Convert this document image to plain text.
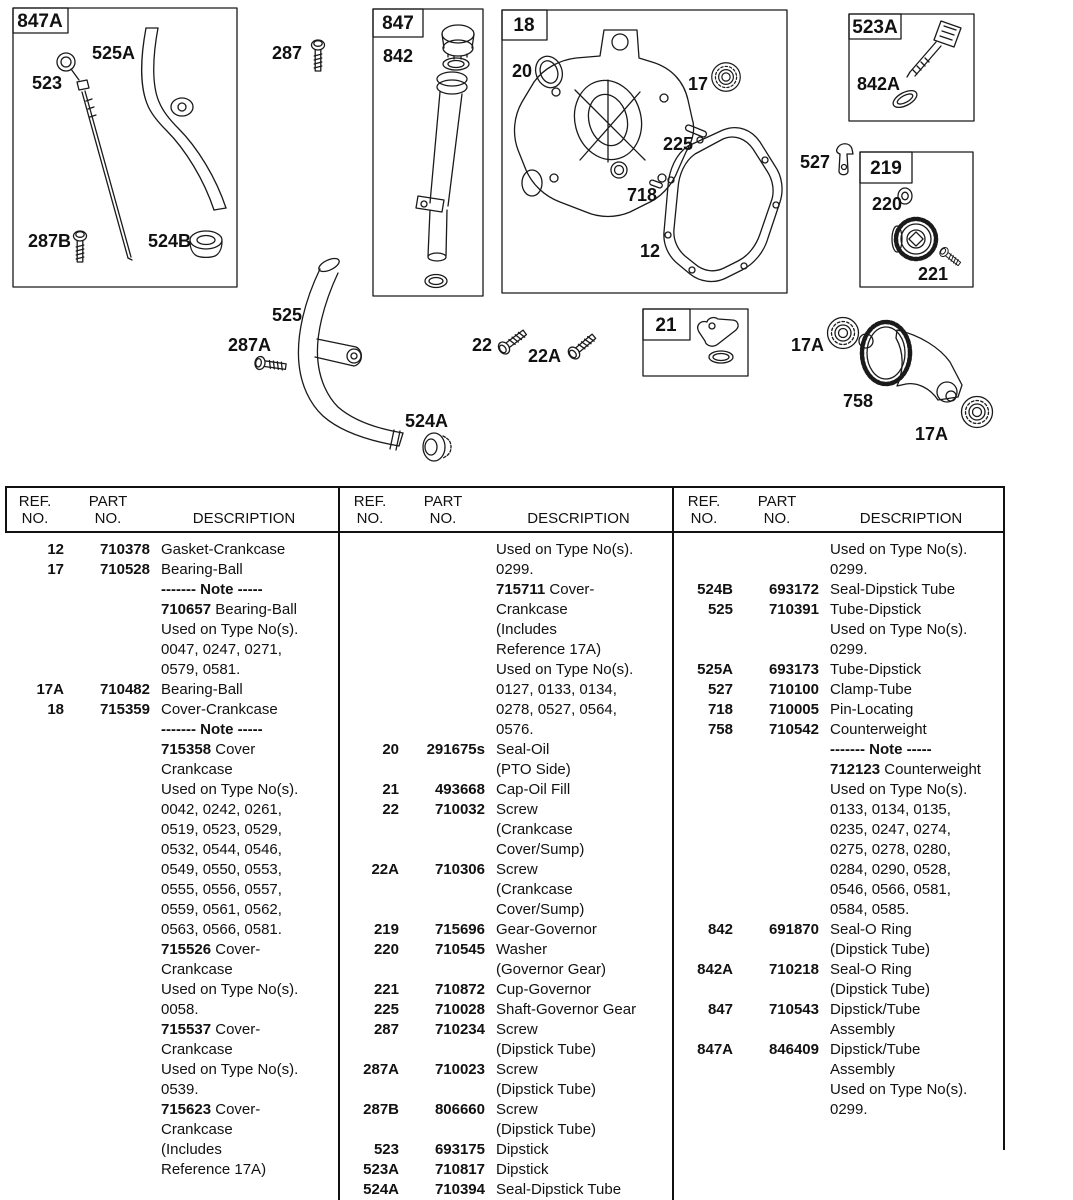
847A	847	18	523A
219
21
523
525A	287
287B	524B
842
20
17
225
718
12
842A
527
220
221
525
287A
524A
22
22A
17A
758
17A
REF.
NO.
PART
NO.	DESCRIPTION
12	710378 Gasket-Crankcase
17	710528 Bearing-Ball
------- Note -----
710657 Bearing-Ball
Used on Type No(s).
0047, 0247, 0271,
0579, 0581.
17A	710482 Bearing-Ball
18	715359 Cover-Crankcase
------- Note -----
715358 Cover
Crankcase
Used on Type No(s).
0042, 0242, 0261,
0519, 0523, 0529,
0532, 0544, 0546,
0549, 0550, 0553,
0555, 0556, 0557,
0559, 0561, 0562,
0563, 0566, 0581.
715526 Cover-
Crankcase
Used on Type No(s).
0058.
715537 Cover-
Crankcase
Used on Type No(s).
0539.
715623 Cover-
Crankcase
(Includes
Reference 17A)
REF.
NO.
PART
NO.	DESCRIPTION
Used on Type No(s).
0299.
715711 Cover-
Crankcase
(Includes
Reference 17A)
Used on Type No(s).
0127, 0133, 0134,
0278, 0527, 0564,
0576.
20	291675s Seal-Oil
(PTO Side)
21	493668 Cap-Oil Fill
22	710032 Screw
(Crankcase
Cover/Sump)
22A	710306 Screw
(Crankcase
Cover/Sump)
219	715696 Gear-Governor
220	710545 Washer
(Governor Gear)
221	710872 Cup-Governor
225	710028 Shaft-Governor Gear
287	710234 Screw
(Dipstick Tube)
287A	710023 Screw
(Dipstick Tube)
287B	806660 Screw
(Dipstick Tube)
523	693175 Dipstick
523A	710817 Dipstick
524A	710394 Seal-Dipstick Tube
REF.
NO.
PART
NO.	DESCRIPTION
Used on Type No(s).
0299.
524B	693172 Seal-Dipstick Tube
525	710391 Tube-Dipstick
Used on Type No(s).
0299.
525A	693173 Tube-Dipstick
527	710100 Clamp-Tube
718	710005 Pin-Locating
758	710542 Counterweight
------- Note -----
712123 Counterweight
Used on Type No(s).
0133, 0134, 0135,
0235, 0247, 0274,
0275, 0278, 0280,
0284, 0290, 0528,
0546, 0566, 0581,
0584, 0585.
842	691870 Seal-O Ring
(Dipstick Tube)
842A	710218 Seal-O Ring
(Dipstick Tube)
847	710543 Dipstick/Tube
Assembly
847A	846409 Dipstick/Tube
Assembly
Used on Type No(s).
0299.
